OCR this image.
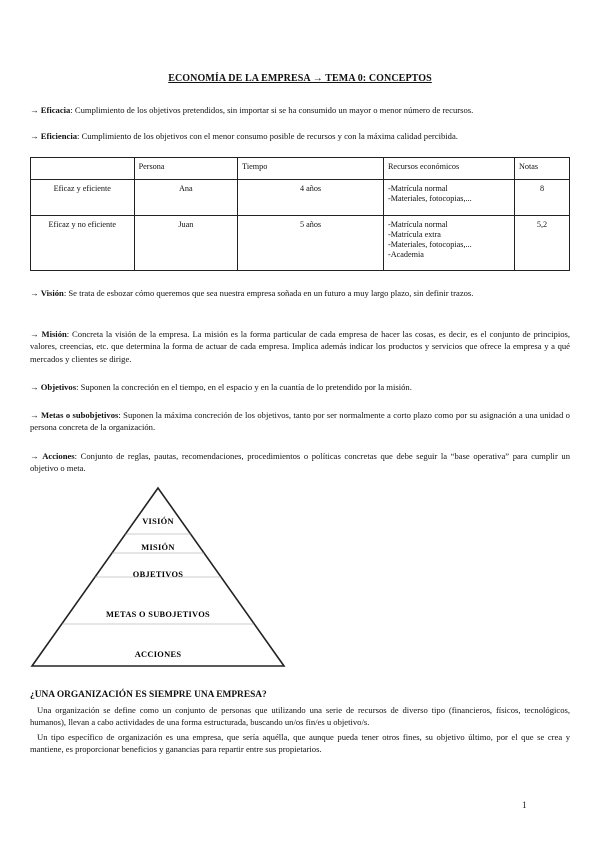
ECONOMÍA DE LA EMPRESA → TEMA 0: CONCEPTOS
→ Eficacia: Cumplimiento de los objetivos pretendidos, sin importar si se ha consumido un mayor o menor número de recursos.
→ Eficiencia: Cumplimiento de los objetivos con el menor consumo posible de recursos y con la máxima calidad percibida.
	Persona	Tiempo	Recursos económicos	Notas
Eficaz y eficiente	Ana	4 años	-Matrícula normal
-Materiales, fotocopias,...	8
Eficaz y no eficiente	Juan	5 años	-Matrícula normal
-Matrícula extra
-Materiales, fotocopias,...
-Academia	5,2
→ Visión: Se trata de esbozar cómo queremos que sea nuestra empresa soñada en un futuro a muy largo plazo, sin definir trazos.
→ Misión: Concreta la visión de la empresa. La misión es la forma particular de cada empresa de hacer las cosas, es decir, es el conjunto de principios, valores, creencias, etc. que determina la forma de actuar de cada empresa. Implica además indicar los productos y servicios que ofrece la empresa y a qué mercados y clientes se dirige.
→ Objetivos: Suponen la concreción en el tiempo, en el espacio y en la cuantía de lo pretendido por la misión.
→ Metas o subobjetivos: Suponen la máxima concreción de los objetivos, tanto por ser normalmente a corto plazo como por su asignación a una unidad o persona concreta de la organización.
→ Acciones: Conjunto de reglas, pautas, recomendaciones, procedimientos o políticas concretas que debe seguir la “base operativa” para cumplir un objetivo o meta.
VISIÓN
MISIÓN
OBJETIVOS
METAS O SUBOJETIVOS
ACCIONES
¿UNA ORGANIZACIÓN ES SIEMPRE UNA EMPRESA?
Una organización se define como un conjunto de personas que utilizando una serie de recursos de diverso tipo (financieros, físicos, tecnológicos, humanos), llevan a cabo actividades de una forma estructurada, buscando un/os fin/es u objetivo/s.
Un tipo específico de organización es una empresa, que sería aquélla, que aunque pueda tener otros fines, su objetivo último, por el que se crea y mantiene, es proporcionar beneficios y ganancias para repartir entre sus propietarios.
1
